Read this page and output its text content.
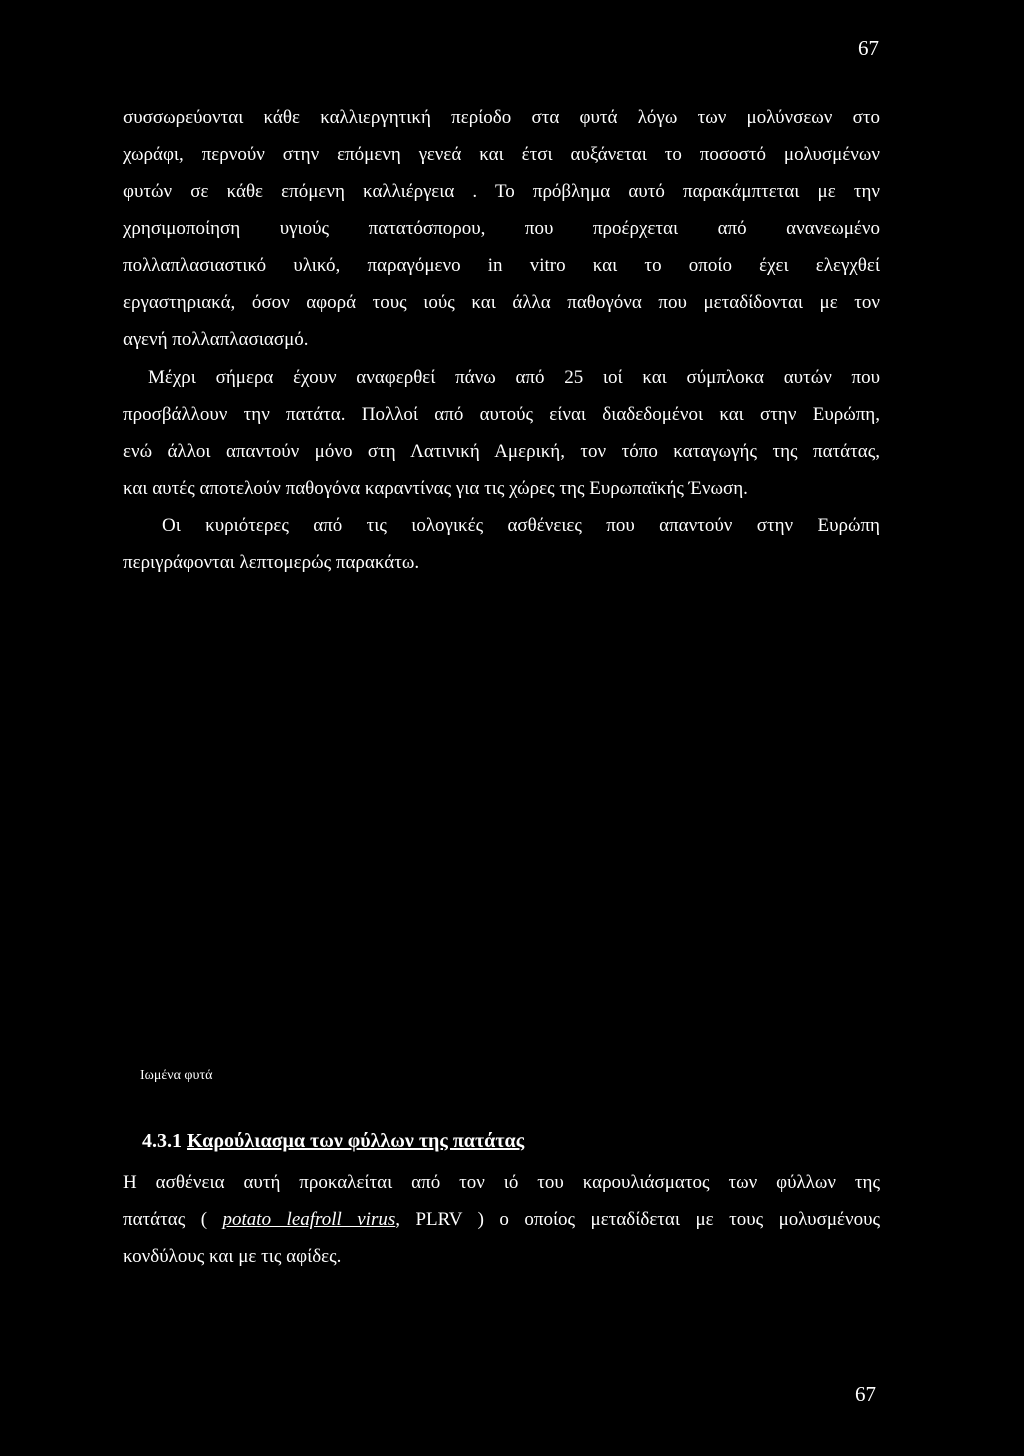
67
συσσωρεύονται κάθε καλλιεργητική περίοδο στα φυτά λόγω των μολύνσεων στο
χωράφι, περνούν στην επόμενη γενεά και έτσι αυξάνεται το ποσοστό μολυσμένων
φυτών σε κάθε επόμενη καλλιέργεια . Το πρόβλημα αυτό παρακάμπτεται με την
χρησιμοποίηση υγιούς πατατόσπορου, που προέρχεται από ανανεωμένο
πολλαπλασιαστικό υλικό, παραγόμενο in vitro και το οποίο έχει ελεγχθεί
εργαστηριακά, όσον αφορά τους ιούς και άλλα παθογόνα που μεταδίδονται με τον
αγενή πολλαπλασιασμό.
Μέχρι σήμερα έχουν αναφερθεί πάνω από 25 ιοί και σύμπλοκα αυτών που
προσβάλλουν την πατάτα. Πολλοί από αυτούς είναι διαδεδομένοι και στην Ευρώπη,
ενώ άλλοι απαντούν μόνο στη Λατινική Αμερική, τον τόπο καταγωγής της πατάτας,
και αυτές αποτελούν παθογόνα καραντίνας για τις χώρες της Ευρωπαϊκής Ένωση.
Οι κυριότερες από τις ιολογικές ασθένειες που απαντούν στην Ευρώπη
περιγράφονται λεπτομερώς παρακάτω.
Ιωμένα φυτά
4.3.1 Καρούλιασμα των φύλλων της πατάτας
Η ασθένεια αυτή προκαλείται από τον ιό του καρουλιάσματος των φύλλων της
πατάτας ( potato leafroll virus, PLRV ) ο οποίος μεταδίδεται με τους μολυσμένους
κονδύλους και με τις αφίδες.
67
